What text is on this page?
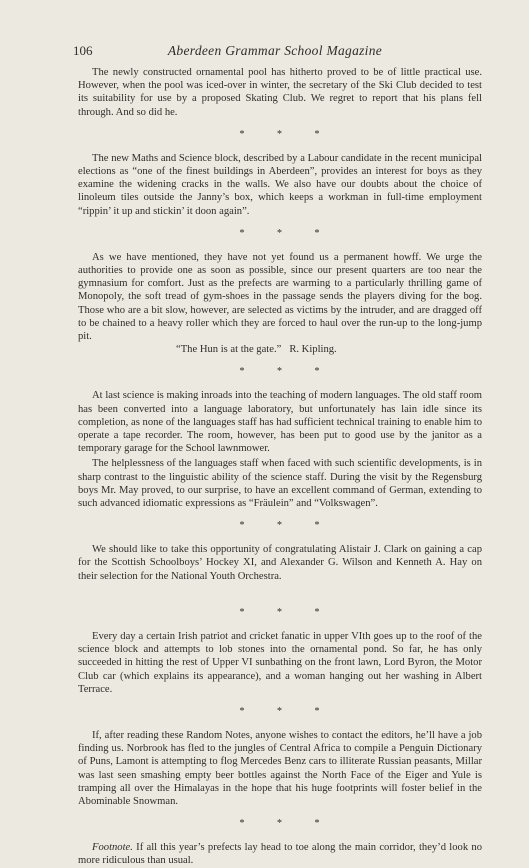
106	Aberdeen Grammar School Magazine

The newly constructed ornamental pool has hitherto proved to be of little practical use. However, when the pool was iced-over in winter, the secretary of the Ski Club decided to test its suitability for use by a proposed Skating Club. We regret to report that his plans fell through. And so did he.

* * *

The new Maths and Science block, described by a Labour candidate in the recent municipal elections as “one of the finest buildings in Aberdeen”, provides an interest for boys as they examine the widening cracks in the walls. We also have our doubts about the choice of linoleum tiles outside the Janny’s box, which keeps a workman in full-time employment “rippin’ it up and stickin’ it doon again”.

* * *

As we have mentioned, they have not yet found us a permanent howff. We urge the authorities to provide one as soon as possible, since our present quarters are too near the gymnasium for comfort. Just as the prefects are warming to a particularly thrilling game of Monopoly, the soft tread of gym-shoes in the passage sends the players diving for the bog. Those who are a bit slow, however, are selected as victims by the intruder, and are dragged off to be chained to a heavy roller which they are forced to haul over the run-up to the long-jump pit.

“The Hun is at the gate.” R. Kipling.

* * *

At last science is making inroads into the teaching of modern languages. The old staff room has been converted into a language laboratory, but unfortunately has lain idle since its completion, as none of the languages staff has had sufficient technical training to enable him to operate a tape recorder. The room, however, has been put to good use by the janitor as a temporary garage for the School lawnmower.

The helplessness of the languages staff when faced with such scientific developments, is in sharp contrast to the linguistic ability of the science staff. During the visit by the Regensburg boys Mr. May proved, to our surprise, to have an excellent command of German, extending to such advanced idiomatic expressions as “Fräulein” and “Volkswagen”.

* * *

We should like to take this opportunity of congratulating Alistair J. Clark on gaining a cap for the Scottish Schoolboys’ Hockey XI, and Alexander G. Wilson and Kenneth A. Hay on their selection for the National Youth Orchestra.

* * *

Every day a certain Irish patriot and cricket fanatic in upper VIth goes up to the roof of the science block and attempts to lob stones into the ornamental pond. So far, he has only succeeded in hitting the rest of Upper VI sunbathing on the front lawn, Lord Byron, the Motor Club car (which explains its appearance), and a woman hanging out her washing in Albert Terrace.

* * *

If, after reading these Random Notes, anyone wishes to contact the editors, he’ll have a job finding us. Norbrook has fled to the jungles of Central Africa to compile a Penguin Dictionary of Puns, Lamont is attempting to flog Mercedes Benz cars to illiterate Russian peasants, Millar was last seen smashing empty beer bottles against the North Face of the Eiger and Yule is tramping all over the Himalayas in the hope that his huge footprints will foster belief in the Abominable Snowman.

* * *

Footnote. If all this year’s prefects lay head to toe along the main corridor, they’d look no more ridiculous than usual.
